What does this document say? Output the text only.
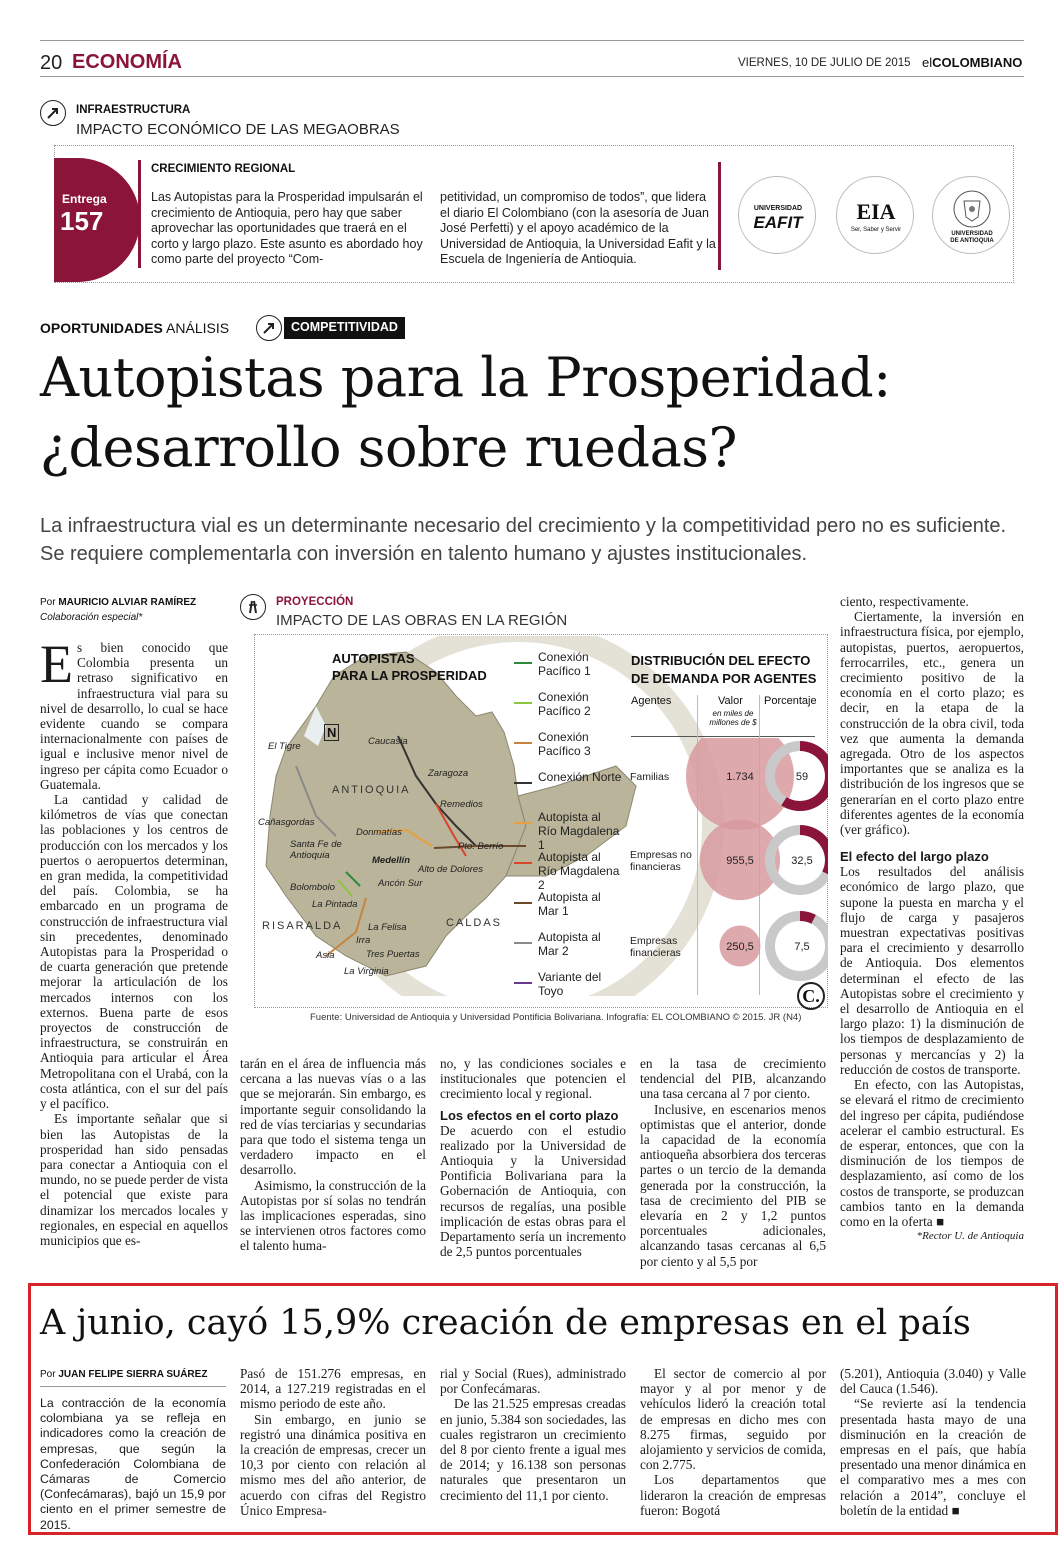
20 ECONOMÍA	VIERNES, 10 DE JULIO DE 2015 elCOLOMBIANO
INFRAESTRUCTURA
IMPACTO ECONÓMICO DE LAS MEGAOBRAS
Entrega
157
CRECIMIENTO REGIONAL
Las Autopistas para la Prosperidad impulsarán el crecimiento de Antioquia, pero hay que saber aprovechar las oportunidades que traerá en el corto y largo plazo. Este asunto es abordado hoy como parte del proyecto “Com-
petitividad, un compromiso de todos”, que lidera el diario El Colombiano (con la asesoría de Juan José Perfetti) y el apoyo académico de la Universidad de Antioquia, la Universidad Eafit y la Escuela de Ingeniería de Antioquia.
UNIVERSIDAD
EAFIT	EIA
Ser, Saber y Servir
UNIVERSIDAD
DE ANTIOQUIA
OPORTUNIDADES ANÁLISIS	COMPETITIVIDAD
Autopistas para la Prosperidad:
¿desarrollo sobre ruedas?
La infraestructura vial es un determinante necesario del crecimiento y la competitividad pero no es suficiente. Se requiere complementarla con inversión en talento humano y ajustes institucionales.
Por MAURICIO ALVIAR RAMÍREZ
Colaboración especial*

Es bien conocido que Colombia presenta un retraso significativo en infraestructura vial para su nivel de desarrollo, lo cual se hace evidente cuando se compara internacionalmente con países de igual e inclusive menor nivel de ingreso per cápita como Ecuador o Guatemala.

La cantidad y calidad de kilómetros de vías que conectan las poblaciones y los centros de producción con los mercados y los puertos o aeropuertos determinan, en gran medida, la competitividad del país. Colombia, se ha embarcado en un programa de construcción de infraestructura vial sin precedentes, denominado Autopistas para la Prosperidad o de cuarta generación que pretende mejorar la articulación de los mercados internos con los externos. Buena parte de esos proyectos de construcción de infraestructura, se construirán en Antioquia para articular el Área Metropolitana con el Urabá, con la costa atlántica, con el sur del país y el pacífico.

Es importante señalar que si bien las Autopistas de la prosperidad han sido pensadas para conectar a Antioquia con el mundo, no se puede perder de vista el potencial que existe para dinamizar los mercados locales y regionales, en especial en aquellos municipios que es-

PROYECCIÓN
IMPACTO DE LAS OBRAS EN LA REGIÓN
AUTOPISTAS
PARA LA PROSPERIDAD
N
ANTIOQUIA
RISARALDA	CALDAS
El Tigre	Caucasia
Zaragoza
Remedios
Cañasgordas
Santa Fe de Antioquia
Donmatías
Medellín
Pto. Berrío
Alto de Dolores
Ancón Sur
Bolombolo
La Pintada
La Felisa
Irra
Tres Puertas
Asia
La Virginia
Conexión Pacífico 1
Conexión Pacífico 2
Conexión Pacífico 3
Conexión Norte
Autopista al Río Magdalena 1
Autopista al Río Magdalena 2
Autopista al Mar 1
Autopista al Mar 2
Variante del Toyo
DISTRIBUCIÓN DEL EFECTO DE DEMANDA POR AGENTES
Agentes	Valor
en miles de millones de $
Porcentaje
Familias	1.734	59
Empresas no financieras	955,5	32,5
Empresas financieras	250,5	7,5
C.
Fuente: Universidad de Antioquia y Universidad Pontificia Bolivariana. Infografía: EL COLOMBIANO © 2015. JR (N4)

tarán en el área de influencia más cercana a las nuevas vías o a las que se mejorarán. Sin embargo, es importante seguir consolidando la red de vías terciarias y secundarias para que todo el sistema tenga un verdadero impacto en el desarrollo.

Asimismo, la construcción de la Autopistas por sí solas no tendrán las implicaciones esperadas, sino se intervienen otros factores como el talento huma-

no, y las condiciones sociales e institucionales que potencien el crecimiento local y regional.

Los efectos en el corto plazo

De acuerdo con el estudio realizado por la Universidad de Antioquia y la Universidad Pontificia Bolivariana para la Gobernación de Antioquia, con recursos de regalías, una posible implicación de estas obras para el Departamento sería un incremento de 2,5 puntos porcentuales

en la tasa de crecimiento tendencial del PIB, alcanzando una tasa cercana al 7 por ciento.

Inclusive, en escenarios menos optimistas que el anterior, donde la capacidad de la economía antioqueña absorbiera dos terceras partes o un tercio de la demanda generada por la construcción, la tasa de crecimiento del PIB se elevaría en 2 y 1,2 puntos porcentuales adicionales, alcanzando tasas cercanas al 6,5 por ciento y al 5,5 por

ciento, respectivamente.

Ciertamente, la inversión en infraestructura física, por ejemplo, autopistas, puertos, aeropuertos, ferrocarriles, etc., genera un crecimiento positivo de la economía en el corto plazo; es decir, en la etapa de la construcción de la obra civil, toda vez que aumenta la demanda agregada. Otro de los aspectos importantes que se analiza es la distribución de los ingresos que se generarían en el corto plazo entre diferentes agentes de la economía (ver gráfico).

El efecto del largo plazo

Los resultados del análisis económico de largo plazo, que supone la puesta en marcha y el flujo de carga y pasajeros muestran expectativas positivas para el crecimiento y desarrollo de Antioquia. Dos elementos determinan el efecto de las Autopistas sobre el crecimiento y el desarrollo de Antioquia en el largo plazo: 1) la disminución de los tiempos de desplazamiento de personas y mercancías y 2) la reducción de costos de transporte.

En efecto, con las Autopistas, se elevará el ritmo de crecimiento del ingreso per cápita, pudiéndose acelerar el cambio estructural. Es de esperar, entonces, que con la disminución de los tiempos de desplazamiento, así como de los costos de transporte, se produzcan cambios tanto en la demanda como en la oferta ■

*Rector U. de Antioquia

A junio, cayó 15,9% creación de empresas en el país
Por JUAN FELIPE SIERRA SUÁREZ

La contracción de la economía colombiana ya se refleja en indicadores como la creación de empresas, que según la Confederación Colombiana de Cámaras de Comercio (Confecámaras), bajó un 15,9 por ciento en el primer semestre de 2015.

Pasó de 151.276 empresas, en 2014, a 127.219 registradas en el mismo periodo de este año.

Sin embargo, en junio se registró una dinámica positiva en la creación de empresas, crecer un 10,3 por ciento con relación al mismo mes del año anterior, de acuerdo con cifras del Registro Único Empresa-

rial y Social (Rues), administrado por Confecámaras.

De las 21.525 empresas creadas en junio, 5.384 son sociedades, las cuales registraron un crecimiento del 8 por ciento frente a igual mes de 2014; y 16.138 son personas naturales que presentaron un crecimiento del 11,1 por ciento.

El sector de comercio al por mayor y al por menor y de vehículos lideró la creación total de empresas en dicho mes con 8.275 firmas, seguido por alojamiento y servicios de comida, con 2.775.

Los departamentos que lideraron la creación de empresas fueron: Bogotá

(5.201), Antioquia (3.040) y Valle del Cauca (1.546).

“Se revierte así la tendencia presentada hasta mayo de una disminución en la creación de empresas en el país, que había presentado una menor dinámica en el comparativo mes a mes con relación a 2014”, concluye el boletín de la entidad ■
